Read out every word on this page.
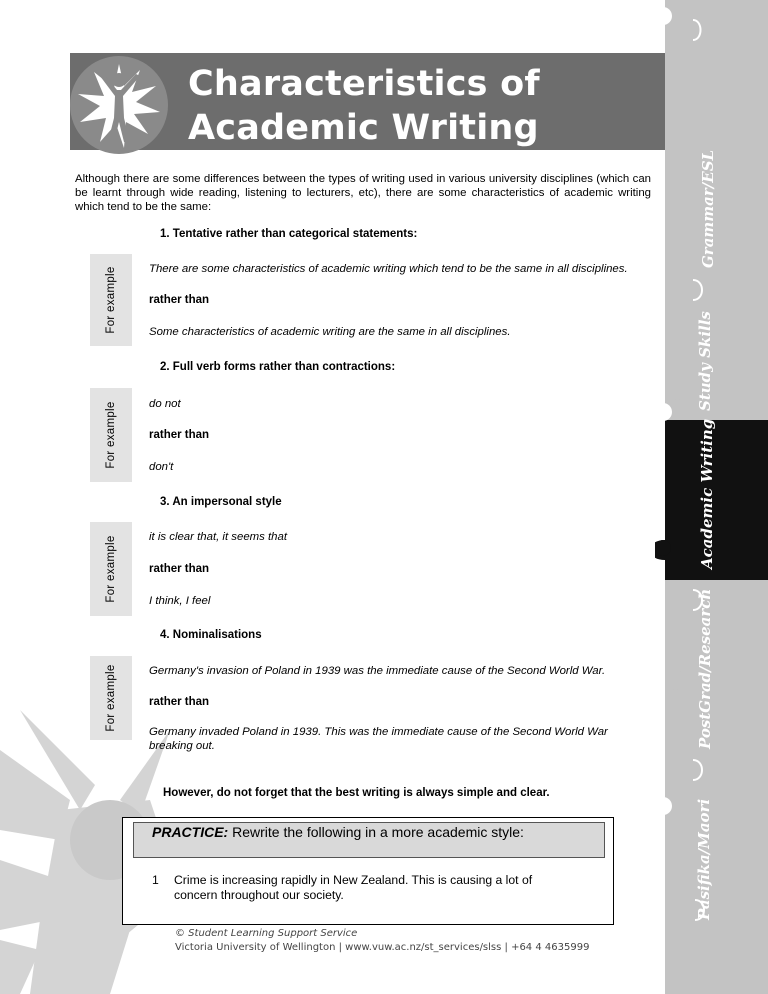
Characteristics of
Academic Writing
Grammar/ESL
Study Skills
Academic Writing
PostGrad/Research
Pasifika/Maori
Although there are some differences between the types of writing used in various university disciplines (which can be learnt through wide reading, listening to lecturers, etc), there are some characteristics of academic writing which tend to be the same:
1. Tentative rather than categorical statements:
For example	There are some characteristics of academic writing which tend to be the same in all disciplines.
rather than
Some characteristics of academic writing are the same in all disciplines.
2. Full verb forms rather than contractions:
For example	do not
rather than
don't
3. An impersonal style
For example	it is clear that, it seems that
rather than
I think, I feel
4. Nominalisations
For example	Germany's invasion of Poland in 1939 was the immediate cause of the Second World War.
rather than
Germany invaded Poland in 1939. This was the immediate cause of the Second World War breaking out.
However, do not forget that the best writing is always simple and clear.
PRACTICE: Rewrite the following in a more academic style:
1 Crime is increasing rapidly in New Zealand. This is causing a lot of concern throughout our society.
© Student Learning Support Service
Victoria University of Wellington | www.vuw.ac.nz/st_services/slss | +64 4 4635999
